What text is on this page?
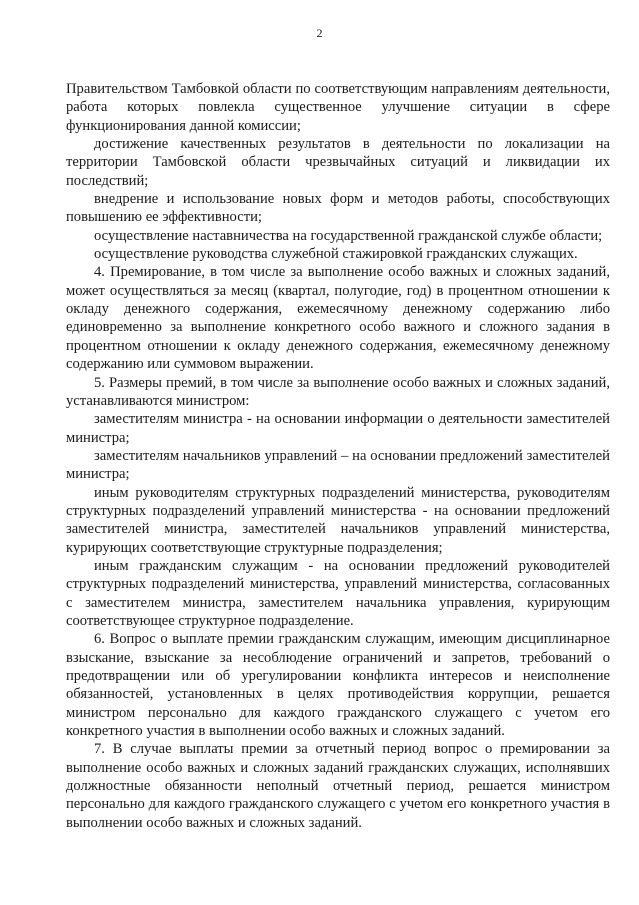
2

Правительством Тамбовкой области по соответствующим направлениям деятельности, работа которых повлекла существенное улучшение ситуации в сфере функционирования данной комиссии;

достижение качественных результатов в деятельности по локализации на территории Тамбовской области чрезвычайных ситуаций и ликвидации их последствий;

внедрение и использование новых форм и методов работы, способствующих повышению ее эффективности;

осуществление наставничества на государственной гражданской службе области;

осуществление руководства служебной стажировкой гражданских служащих.

4. Премирование, в том числе за выполнение особо важных и сложных заданий, может осуществляться за месяц (квартал, полугодие, год) в процентном отношении к окладу денежного содержания, ежемесячному денежному содержанию либо единовременно за выполнение конкретного особо важного и сложного задания в процентном отношении к окладу денежного содержания, ежемесячному денежному содержанию или суммовом выражении.

5. Размеры премий, в том числе за выполнение особо важных и сложных заданий, устанавливаются министром:

заместителям министра - на основании информации о деятельности заместителей министра;

заместителям начальников управлений – на основании предложений заместителей министра;

иным руководителям структурных подразделений министерства, руководителям структурных подразделений управлений министерства - на основании предложений заместителей министра, заместителей начальников управлений министерства, курирующих соответствующие структурные подразделения;

иным гражданским служащим - на основании предложений руководителей структурных подразделений министерства, управлений министерства, согласованных с заместителем министра, заместителем начальника управления, курирующим соответствующее структурное подразделение.

6. Вопрос о выплате премии гражданским служащим, имеющим дисциплинарное взыскание, взыскание за несоблюдение ограничений и запретов, требований о предотвращении или об урегулировании конфликта интересов и неисполнение обязанностей, установленных в целях противодействия коррупции, решается министром персонально для каждого гражданского служащего с учетом его конкретного участия в выполнении особо важных и сложных заданий.

7. В случае выплаты премии за отчетный период вопрос о премировании за выполнение особо важных и сложных заданий гражданских служащих, исполнявших должностные обязанности неполный отчетный период, решается министром персонально для каждого гражданского служащего с учетом его конкретного участия в выполнении особо важных и сложных заданий.
